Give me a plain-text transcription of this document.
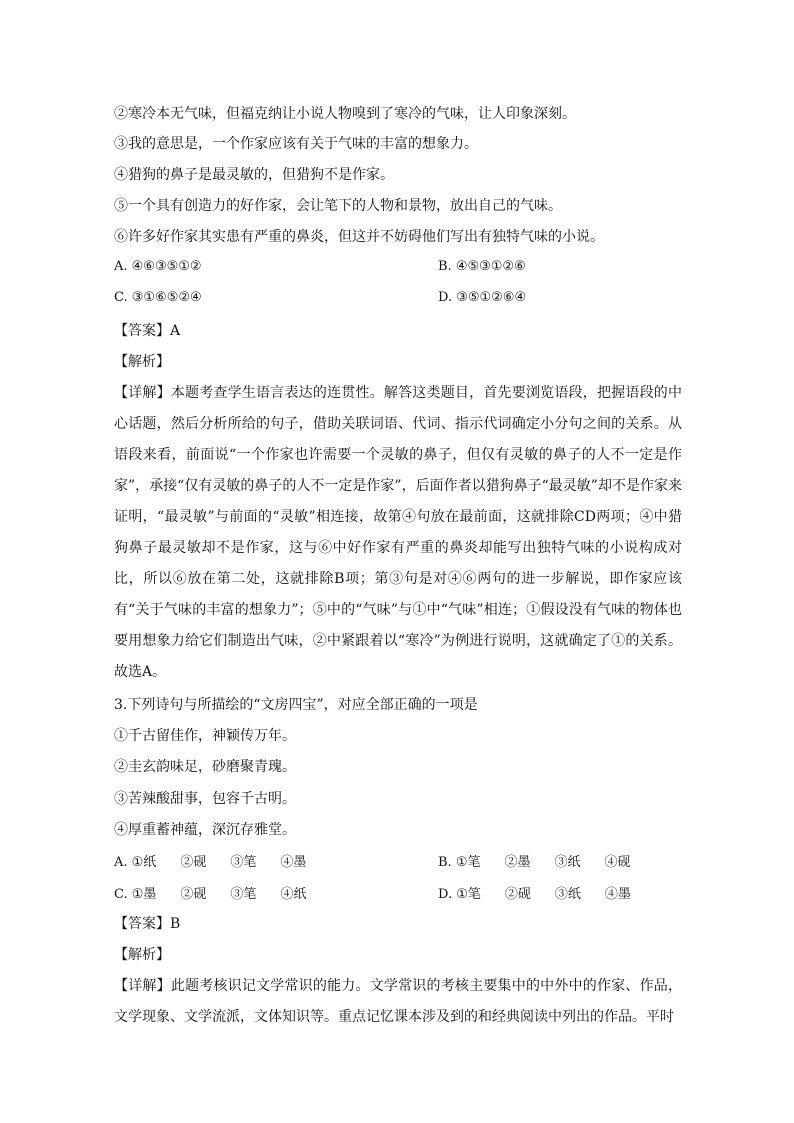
②寒冷本无气味，但福克纳让小说人物嗅到了寒冷的气味，让人印象深刻。
③我的意思是，一个作家应该有关于气味的丰富的想象力。
④猎狗的鼻子是最灵敏的，但猎狗不是作家。
⑤一个具有创造力的好作家，会让笔下的人物和景物，放出自己的气味。
⑥许多好作家其实患有严重的鼻炎，但这并不妨碍他们写出有独特气味的小说。
A. ④⑥③⑤①②	B. ④⑤③①②⑥
C. ③①⑥⑤②④	D. ③⑤①②⑥④
【答案】A
【解析】
【详解】本题考查学生语言表达的连贯性。解答这类题目，首先要浏览语段，把握语段的中心话题，然后分析所给的句子，借助关联词语、代词、指示代词确定小分句之间的关系。从语段来看，前面说“一个作家也许需要一个灵敏的鼻子，但仅有灵敏的鼻子的人不一定是作家”，承接“仅有灵敏的鼻子的人不一定是作家”，后面作者以猎狗鼻子“最灵敏”却不是作家来证明，“最灵敏”与前面的“灵敏”相连接，故第④句放在最前面，这就排除CD两项；④中猎狗鼻子最灵敏却不是作家，这与⑥中好作家有严重的鼻炎却能写出独特气味的小说构成对比，所以⑥放在第二处，这就排除B项；第③句是对④⑥两句的进一步解说，即作家应该有“关于气味的丰富的想象力”；⑤中的“气味”与①中“气味”相连；①假设没有气味的物体也要用想象力给它们制造出气味，②中紧跟着以“寒冷”为例进行说明，这就确定了①的关系。故选A。
3.下列诗句与所描绘的“文房四宝”，对应全部正确的一项是
①千古留佳作，神颖传万年。
②圭玄韵味足，砂磨聚青瑰。
③苦辣酸甜事，包容千古明。
④厚重蓄神蕴，深沉存雅堂。
A. ①纸 ②砚 ③笔 ④墨	B. ①笔 ②墨 ③纸 ④砚
C. ①墨 ②砚 ③笔 ④纸	D. ①笔 ②砚 ③纸 ④墨
【答案】B
【解析】
【详解】此题考核识记文学常识的能力。文学常识的考核主要集中的中外中的作家、作品，文学现象、文学流派，文体知识等。重点记忆课本涉及到的和经典阅读中列出的作品。平时
